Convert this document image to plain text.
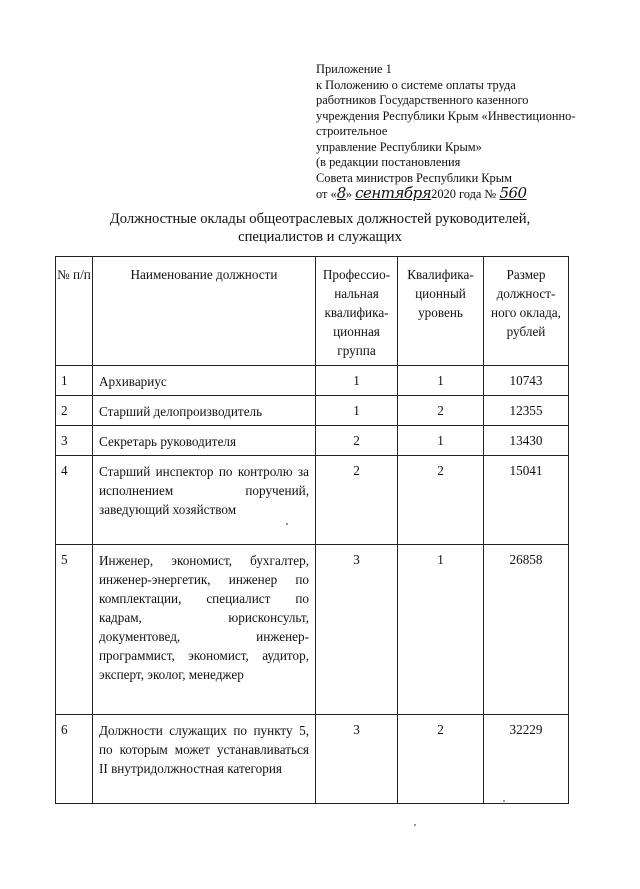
Приложение 1
к Положению о системе оплаты труда
работников Государственного казенного
учреждения Республики Крым «Инвестиционно-
строительное
управление Республики Крым»
(в редакции постановления
Совета министров Республики Крым
от «8» сентября2020 года № 560
Должностные оклады общеотраслевых должностей руководителей,
специалистов и служащих
№ п/п	Наименование должности	Профессио-нальная квалифика-ционная группа	Квалифика-ционный уровень	Размер должност-ного оклада, рублей
1	Архивариус	1	1	10743
2	Старший делопроизводитель	1	2	12355
3	Секретарь руководителя	2	1	13430
4	Старший инспектор по контролю за исполнением поручений, заведующий хозяйством	2	2	15041
5	Инженер, экономист, бухгалтер, инженер-энергетик, инженер по комплектации, специалист по кадрам, юрисконсульт, документовед, инженер-программист, экономист, аудитор, эксперт, эколог, менеджер	3	1	26858
6	Должности служащих по пункту 5, по которым может устанавливаться II внутридолжностная категория	3	2	32229
